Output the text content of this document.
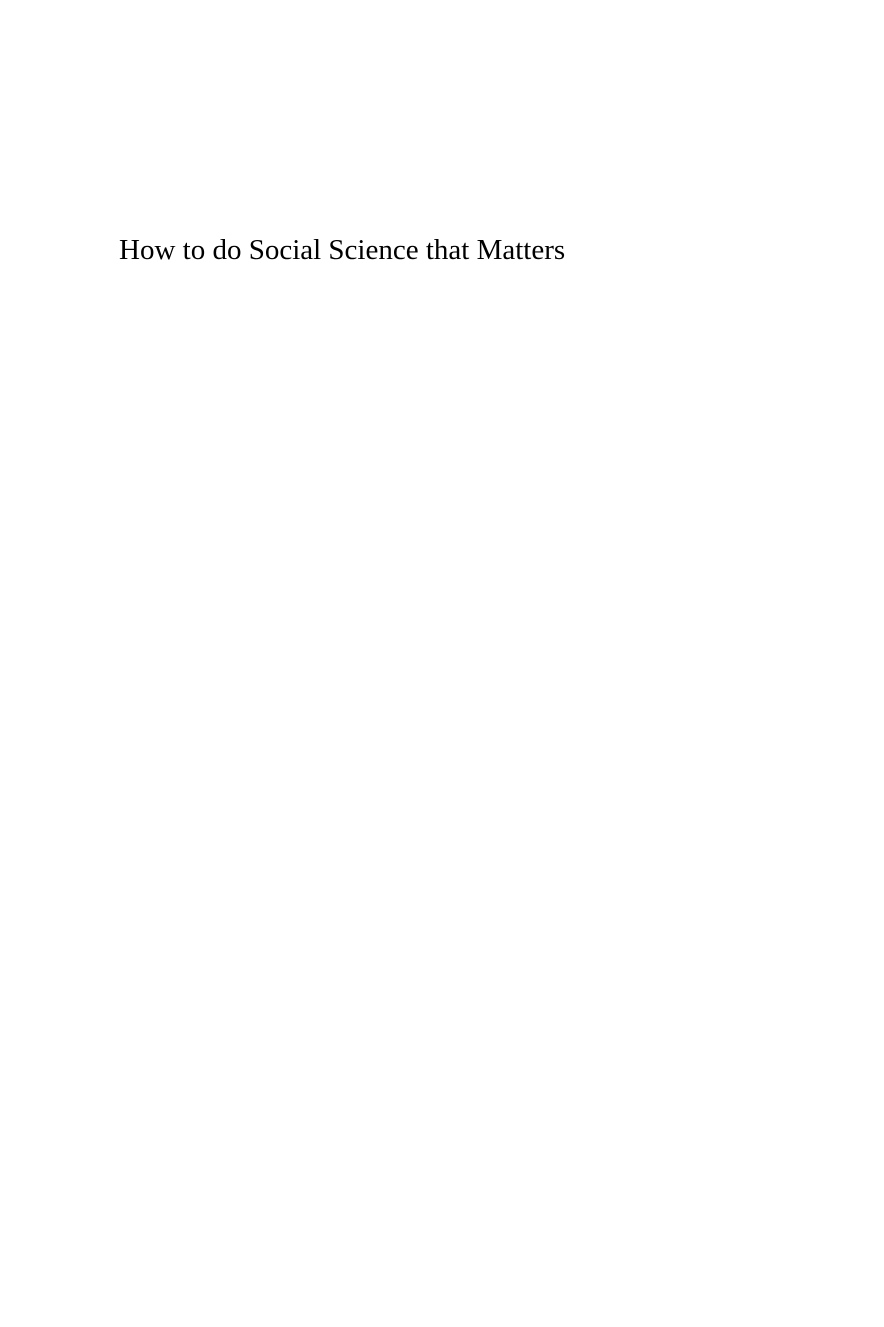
How to do Social Science that Matters
